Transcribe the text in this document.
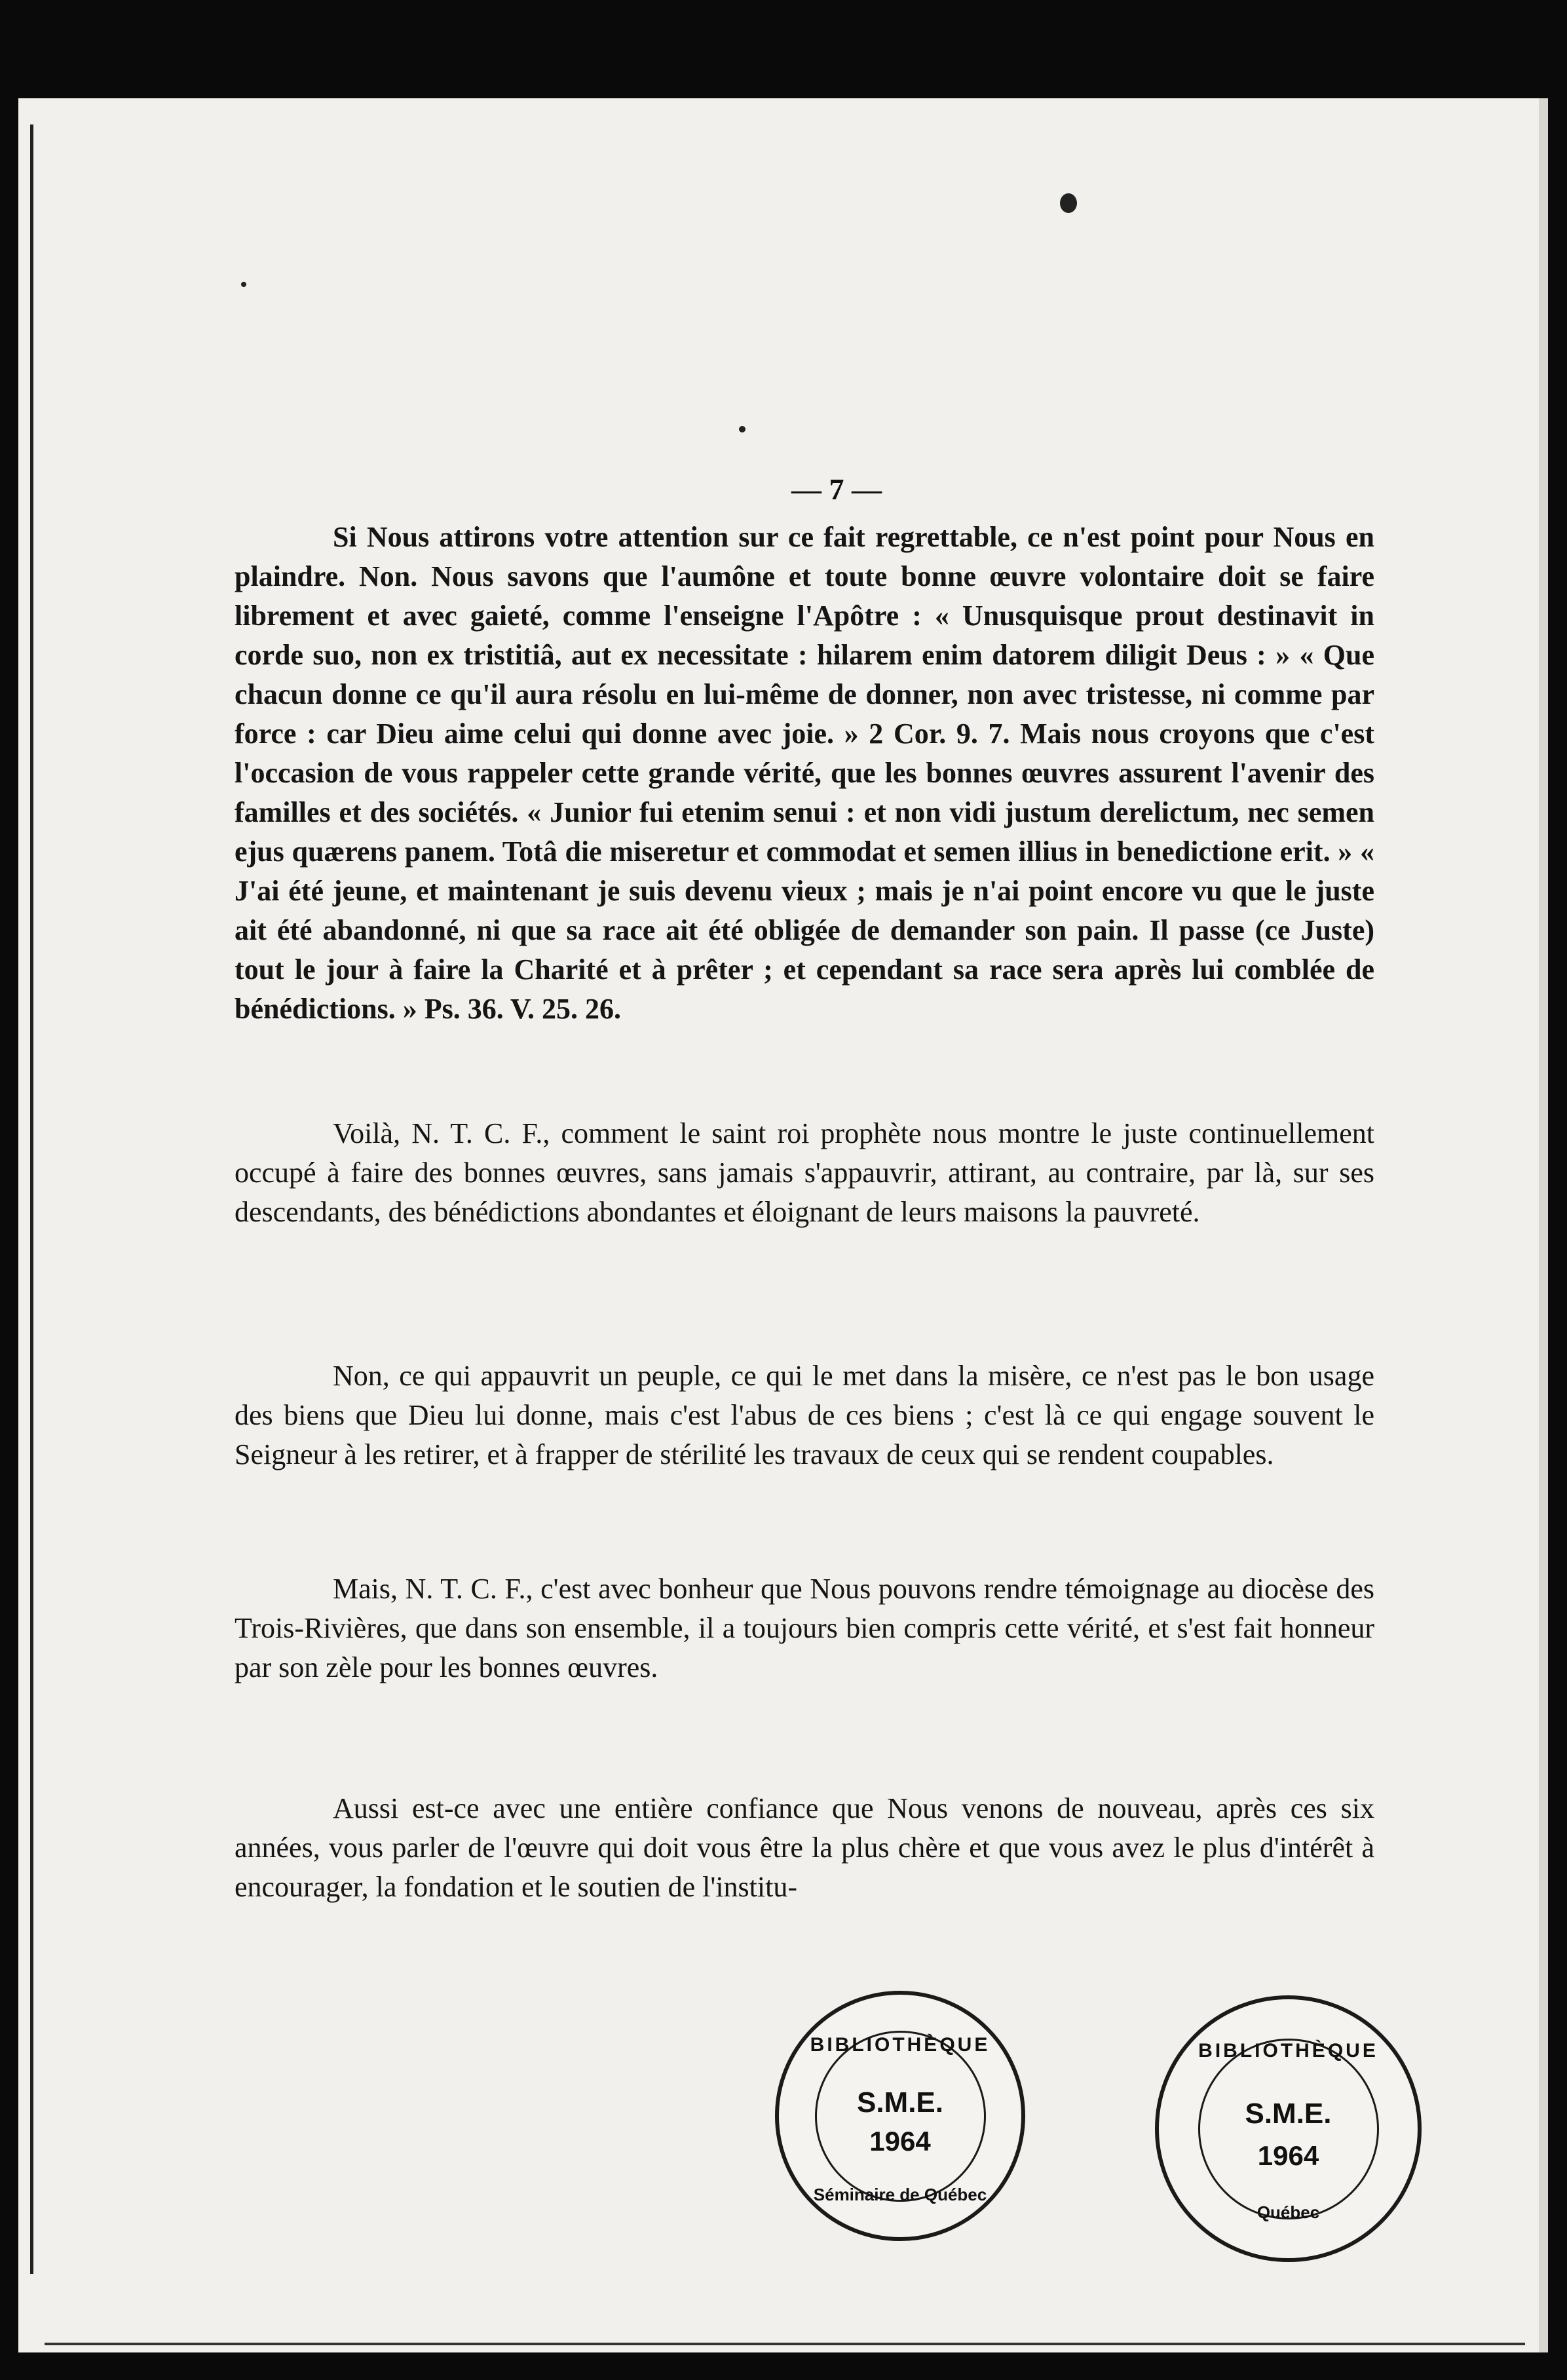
— 7 —

Si Nous attirons votre attention sur ce fait regrettable, ce n'est point pour Nous en plaindre. Non. Nous savons que l'aumône et toute bonne œuvre volontaire doit se faire librement et avec gaieté, comme l'enseigne l'Apôtre : « Unusquisque prout destinavit in corde suo, non ex tristitiâ, aut ex necessitate : hilarem enim datorem diligit Deus : » « Que chacun donne ce qu'il aura résolu en lui-même de donner, non avec tristesse, ni comme par force : car Dieu aime celui qui donne avec joie. » 2 Cor. 9. 7. Mais nous croyons que c'est l'occasion de vous rappeler cette grande vérité, que les bonnes œuvres assurent l'avenir des familles et des sociétés. « Junior fui etenim senui : et non vidi justum derelictum, nec semen ejus quærens panem. Totâ die miseretur et commodat et semen illius in benedictione erit. » « J'ai été jeune, et maintenant je suis devenu vieux ; mais je n'ai point encore vu que le juste ait été abandonné, ni que sa race ait été obligée de demander son pain. Il passe (ce Juste) tout le jour à faire la Charité et à prêter ; et cependant sa race sera après lui comblée de bénédictions. » Ps. 36. V. 25. 26.

Voilà, N. T. C. F., comment le saint roi prophète nous montre le juste continuellement occupé à faire des bonnes œuvres, sans jamais s'appauvrir, attirant, au contraire, par là, sur ses descendants, des bénédictions abondantes et éloignant de leurs maisons la pauvreté.

Non, ce qui appauvrit un peuple, ce qui le met dans la misère, ce n'est pas le bon usage des biens que Dieu lui donne, mais c'est l'abus de ces biens ; c'est là ce qui engage souvent le Seigneur à les retirer, et à frapper de stérilité les travaux de ceux qui se rendent coupables.

Mais, N. T. C. F., c'est avec bonheur que Nous pouvons rendre témoignage au diocèse des Trois-Rivières, que dans son ensemble, il a toujours bien compris cette vérité, et s'est fait honneur par son zèle pour les bonnes œuvres.

Aussi est-ce avec une entière confiance que Nous venons de nouveau, après ces six années, vous parler de l'œuvre qui doit vous être la plus chère et que vous avez le plus d'intérêt à encourager, la fondation et le soutien de l'institu-

BIBLIOTHÈQUE
S.M.E.
1964
Séminaire de Québec
BIBLIOTHÈQUE
S.M.E.
1964
Québec
